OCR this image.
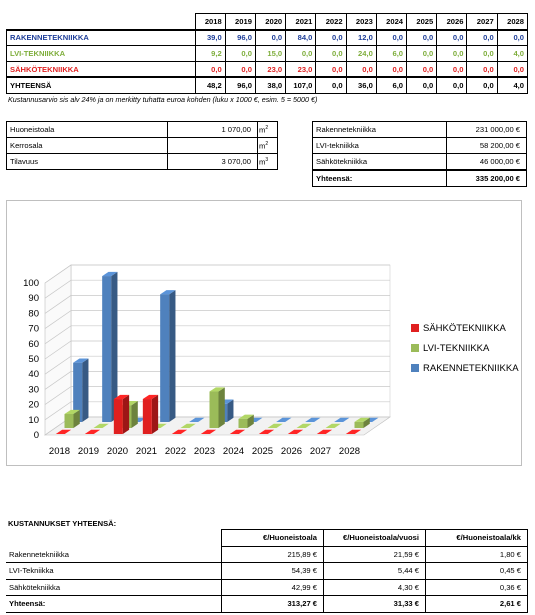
	2018	2019	2020	2021	2022	2023	2024	2025	2026	2027	2028
RAKENNETEKNIIKKA	39,0	96,0	0,0	84,0	0,0	12,0	0,0	0,0	0,0	0,0	0,0
LVI-TEKNIIKKA	9,2	0,0	15,0	0,0	0,0	24,0	6,0	0,0	0,0	0,0	4,0
SÄHKÖTEKNIIKKA	0,0	0,0	23,0	23,0	0,0	0,0	0,0	0,0	0,0	0,0	0,0
YHTEENSÄ	48,2	96,0	38,0	107,0	0,0	36,0	6,0	0,0	0,0	0,0	4,0
Kustannusarvio sis alv 24% ja on merkitty tuhatta euroa kohden (luku x 1000 €, esim. 5 = 5000 €)
Huoneistoala	1 070,00	$m^2$
Kerrosala		$m^2$
Tilavuus	3 070,00	$m^3$
Rakennetekniikka	231 000,00 €
LVI-tekniikka	58 200,00 €
Sähkötekniikka	46 000,00 €
Yhteensä:	335 200,00 €
0
10
20
30
40
50
60
70
80
90
100
2018 2019 2020 2021 2022 2023 2024 2025 2026 2027 2028
SÄHKÖTEKNIIKKA
LVI-TEKNIIKKA
RAKENNETEKNIIKKA
KUSTANNUKSET YHTEENSÄ:
	€/Huoneistoala	€/Huoneistoala/vuosi	€/Huoneistoala/kk
Rakennetekniikka	215,89 €	21,59 €	1,80 €
LVI-Tekniikka	54,39 €	5,44 €	0,45 €
Sähkötekniikka	42,99 €	4,30 €	0,36 €
Yhteensä:	313,27 €	31,33 €	2,61 €
